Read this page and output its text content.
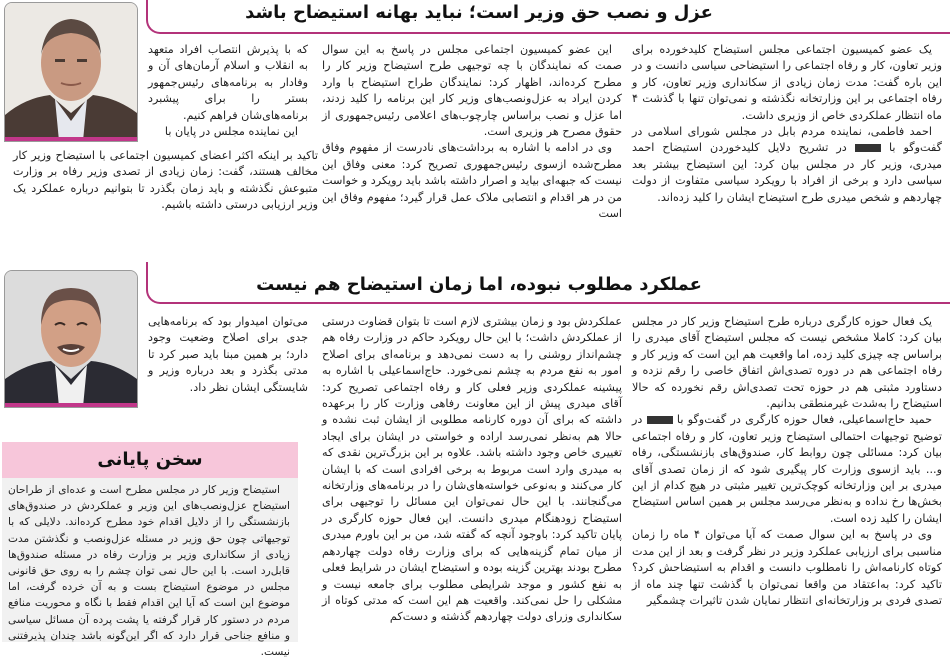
عزل و نصب حق وزیر است؛ نباید بهانه استیضاح باشد

یک عضو کمیسیون اجتماعی مجلس استیضاح کلیدخورده برای وزیر تعاون، کار و رفاه اجتماعی را استیضاحی سیاسی دانست و در این باره گفت: مدت زمان زیادی از سکانداری وزیر تعاون، کار و رفاه اجتماعی بر این وزارتخانه نگذشته و نمی‌توان تنها با گذشت ۴ ماه انتظار عملکردی خاص از وزیری داشت.

احمد فاطمی، نماینده مردم بابل در مجلس شورای اسلامی در گفت‌وگو با  در تشریح دلایل کلیدخوردن استیضاح احمد میدری، وزیر کار در مجلس بیان کرد: این استیضاح بیشتر بعد سیاسی دارد و برخی از افراد با رویکرد سیاسی متفاوت از دولت چهاردهم و شخص میدری طرح استیضاح ایشان را کلید زده‌اند.

این عضو کمیسیون اجتماعی مجلس در پاسخ به این سوال صمت که نمایندگان با چه توجیهی طرح استیضاح وزیر کار را مطرح کرده‌اند، اظهار کرد: نمایندگان طراح استیضاح با وارد کردن ایراد به عزل‌ونصب‌های وزیر کار این برنامه را کلید زدند، اما عزل و نصب براساس چارچوب‌های اعلامی رئیس‌جمهوری از حقوق مصرح هر وزیری است.

وی در ادامه با اشاره به برداشت‌های نادرست از مفهوم وفاق مطرح‌شده ازسوی رئیس‌جمهوری تصریح کرد: معنی وفاق این نیست که جبهه‌ای بیاید و اصرار داشته باشد باید رویکرد و خواست من در هر اقدام و انتصابی ملاک عمل قرار گیرد؛ مفهوم وفاق این است

که با پذیرش انتصاب افراد متعهد به انقلاب و اسلام آرمان‌های آن و وفادار به برنامه‌های رئیس‌جمهور بستر را برای پیشبرد برنامه‌های‌شان فراهم کنیم.

این نماینده مجلس در پایان با

تاکید بر اینکه اکثر اعضای کمیسیون اجتماعی با استیضاح وزیر کار مخالف هستند، گفت: زمان زیادی از تصدی وزیر رفاه بر وزارت متبوعش نگذشته و باید زمان بگذرد تا بتوانیم درباره عملکرد یک وزیر ارزیابی درستی داشته باشیم.

عملکرد مطلوب نبوده، اما زمان استیضاح هم نیست

یک فعال حوزه کارگری درباره طرح استیضاح وزیر کار در مجلس بیان کرد: کاملا مشخص نیست که مجلس استیضاح آقای میدری را براساس چه چیزی کلید زده، اما واقعیت هم این است که وزیر کار و رفاه اجتماعی هم در دوره تصدی‌اش اتفاق خاصی را رقم نزده و دستاورد مثبتی هم در حوزه تحت تصدی‌اش رقم نخورده که حالا استیضاح را به‌شدت غیرمنطقی بدانیم.

حمید حاج‌اسماعیلی، فعال حوزه کارگری در گفت‌وگو با  در توضیح توجیهات احتمالی استیضاح وزیر تعاون، کار و رفاه اجتماعی بیان کرد: مسائلی چون روابط کار، صندوق‌های بازنشستگی، رفاه و... باید ازسوی وزارت کار پیگیری شود که از زمان تصدی آقای میدری بر این وزارتخانه کوچک‌ترین تغییر مثبتی در هیچ کدام از این بخش‌ها رخ نداده و به‌نظر می‌رسد مجلس بر همین اساس استیضاح ایشان را کلید زده است.

وی در پاسخ به این سوال صمت که آیا می‌توان ۴ ماه را زمان مناسبی برای ارزیابی عملکرد وزیر در نظر گرفت و بعد از این مدت کوتاه کارنامه‌اش را نامطلوب دانست و اقدام به استیضاحش کرد؟ تاکید کرد: به‌اعتقاد من واقعا نمی‌توان با گذشت تنها چند ماه از تصدی فردی بر وزارتخانه‌ای انتظار نمایان شدن تاثیرات چشمگیر

عملکردش بود و زمان بیشتری لازم است تا بتوان قضاوت درستی از عملکردش داشت؛ با این حال رویکرد حاکم در وزارت رفاه هم چشم‌انداز روشنی را به دست نمی‌دهد و برنامه‌ای برای اصلاح امور به نفع مردم به چشم نمی‌خورد. حاج‌اسماعیلی با اشاره به پیشینه عملکردی وزیر فعلی کار و رفاه اجتماعی تصریح کرد: آقای میدری پیش از این معاونت رفاهی وزارت کار را برعهده داشته که برای آن دوره کارنامه مطلوبی از ایشان ثبت نشده و حالا هم به‌نظر نمی‌رسد اراده و خواستی در ایشان برای ایجاد تغییری خاص وجود داشته باشد. علاوه بر این بزرگ‌ترین نقدی که به میدری وارد است مربوط به برخی افرادی است که با ایشان کار می‌کنند و به‌نوعی خواسته‌های‌شان را در برنامه‌های وزارتخانه می‌گنجانند. با این حال نمی‌توان این مسائل را توجیهی برای استیضاح زودهنگام میدری دانست. این فعال حوزه کارگری در پایان تاکید کرد: باوجود آنچه که گفته شد، من بر این باورم میدری از میان تمام گزینه‌هایی که برای وزارت رفاه دولت چهاردهم مطرح بودند بهترین گزینه بوده و استیضاح ایشان در شرایط فعلی به نفع کشور و موجد شرایطی مطلوب برای جامعه نیست و مشکلی را حل نمی‌کند. واقعیت هم این است که مدتی کوتاه از سکانداری وزرای دولت چهاردهم گذشته و دست‌کم

می‌توان امیدوار بود که برنامه‌هایی جدی برای اصلاح وضعیت وجود دارد؛ بر همین مبنا باید صبر کرد تا مدتی بگذرد و بعد درباره وزیر و شایستگی ایشان نظر داد.

سخن پایانی

استیضاح وزیر کار در مجلس مطرح است و عده‌ای از طراحان استیضاح عزل‌ونصب‌های این وزیر و عملکردش در صندوق‌های بازنشستگی را از دلایل اقدام خود مطرح کرده‌اند. دلایلی که با توجیهاتی چون حق وزیر در مسئله عزل‌ونصب و نگذشتن مدت زیادی از سکانداری وزیر بر وزارت رفاه در مسئله صندوق‌ها قابل‌رد است. با این حال نمی توان چشم را به روی حق قانونی مجلس در موضوع استیضاح بست و به آن خرده گرفت، اما موضوع این است که آیا این اقدام فقط با نگاه و محوریت منافع مردم در دستور کار قرار گرفته یا پشت پرده آن مسائل سیاسی و منافع جناحی قرار دارد که اگر این‌گونه باشد چندان پذیرفتنی نیست.
